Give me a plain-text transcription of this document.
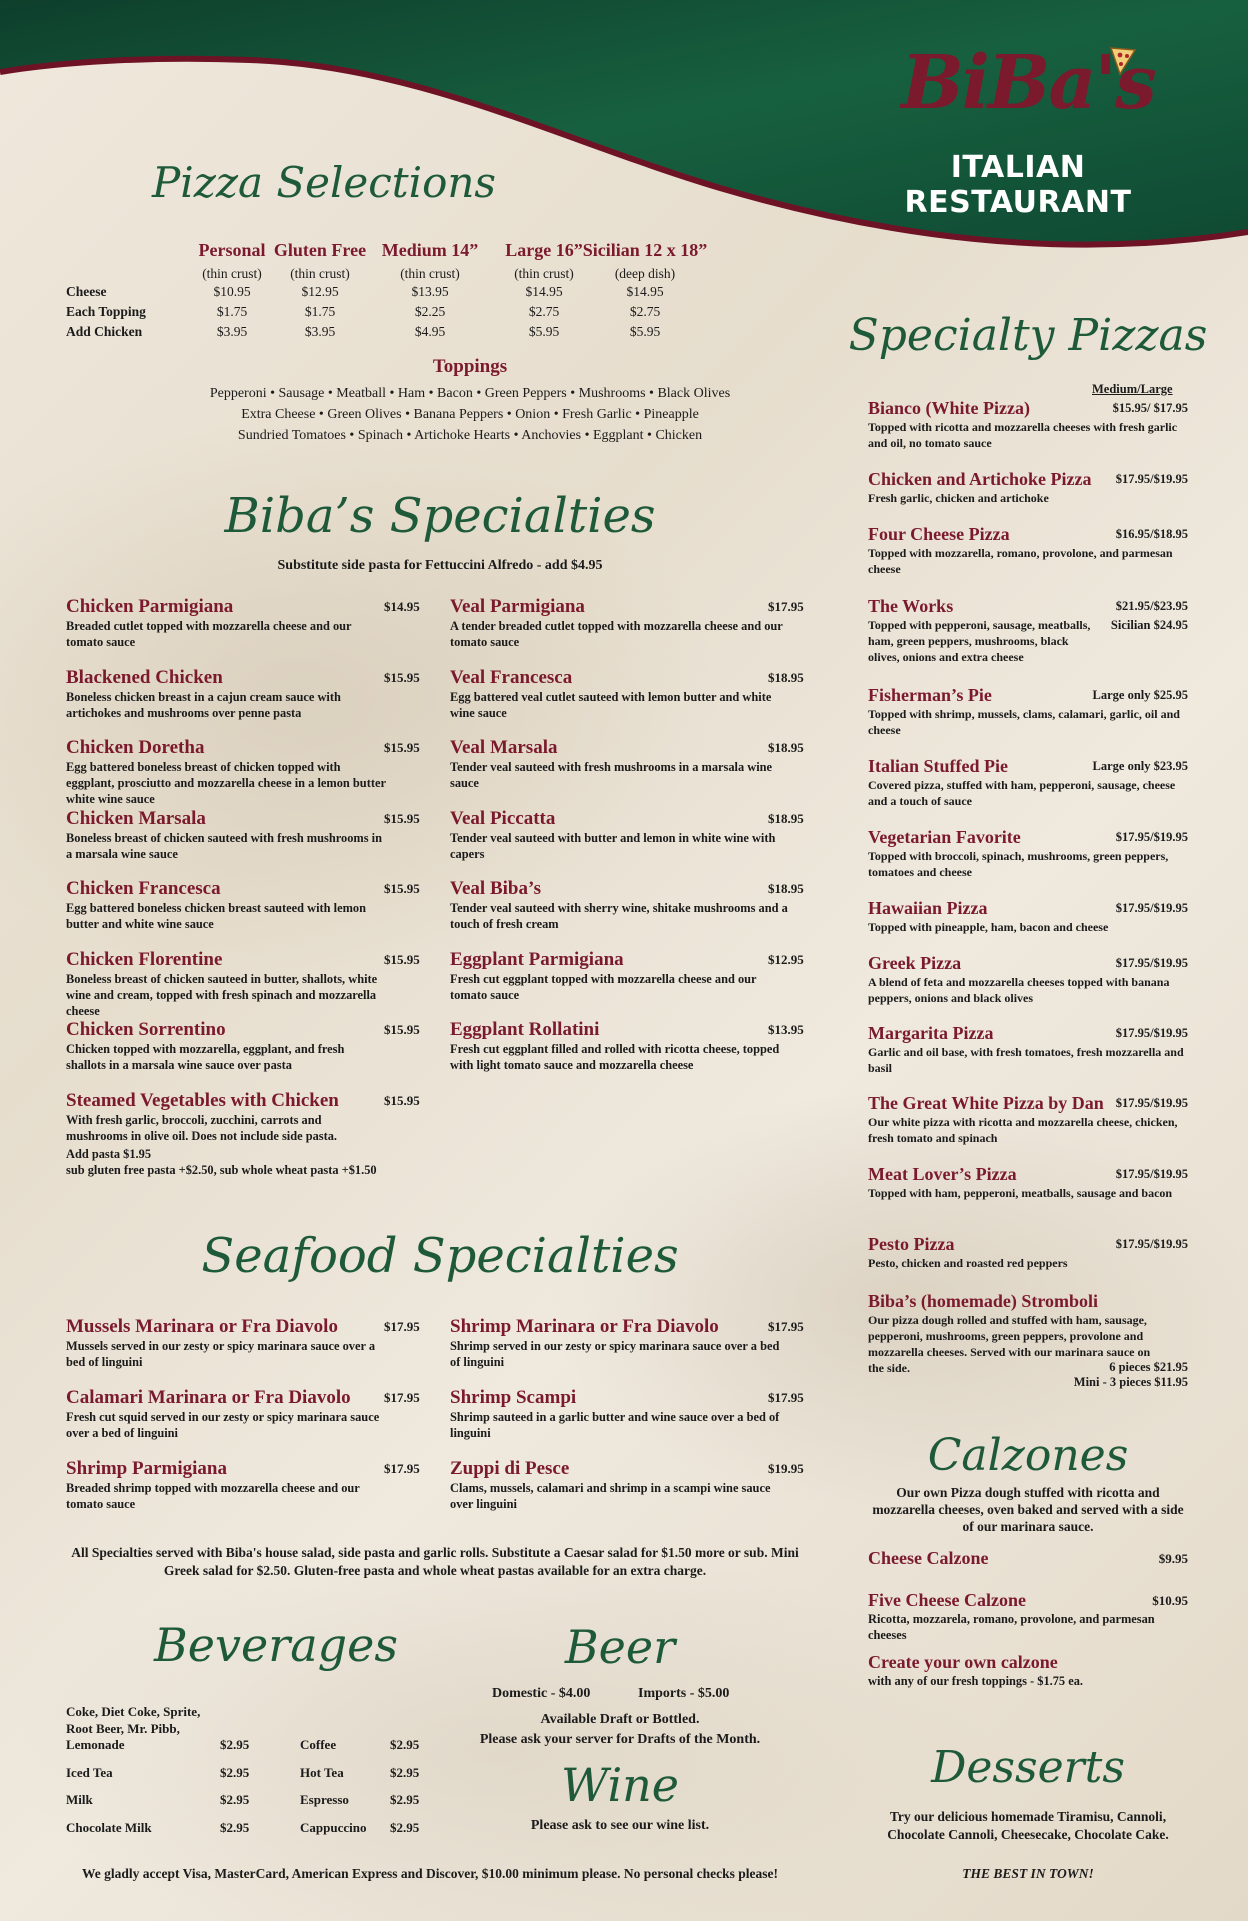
BiBa's
ITALIAN RESTAURANT
Pizza Selections
Personal
(thin crust)
Gluten Free
(thin crust)
Medium 14”
(thin crust)
Large 16”
(thin crust)
Sicilian 12 x 18”
(deep dish)
Cheese	$10.95	$12.95	$13.95	$14.95	$14.95
Each Topping	$1.75	$1.75	$2.25	$2.75	$2.75
Add Chicken	$3.95	$3.95	$4.95	$5.95	$5.95
Toppings
Pepperoni • Sausage • Meatball • Ham • Bacon • Green Peppers • Mushrooms • Black Olives
Extra Cheese • Green Olives • Banana Peppers • Onion • Fresh Garlic • Pineapple
Sundried Tomatoes • Spinach • Artichoke Hearts • Anchovies • Eggplant • Chicken
Biba’s Specialties
Substitute side pasta for Fettuccini Alfredo - add $4.95
Chicken Parmigiana	$14.95
Breaded cutlet topped with mozzarella cheese and our tomato sauce
Blackened Chicken	$15.95
Boneless chicken breast in a cajun cream sauce with artichokes and mushrooms over penne pasta
Chicken Doretha	$15.95
Egg battered boneless breast of chicken topped with eggplant, prosciutto and mozzarella cheese in a lemon butter white wine sauce
Chicken Marsala	$15.95
Boneless breast of chicken sauteed with fresh mushrooms in a marsala wine sauce
Chicken Francesca	$15.95
Egg battered boneless chicken breast sauteed with lemon butter and white wine sauce
Chicken Florentine	$15.95
Boneless breast of chicken sauteed in butter, shallots, white wine and cream, topped with fresh spinach and mozzarella cheese
Chicken Sorrentino	$15.95
Chicken topped with mozzarella, eggplant, and fresh shallots in a marsala wine sauce over pasta
Steamed Vegetables with Chicken	$15.95
With fresh garlic, broccoli, zucchini, carrots and mushrooms in olive oil. Does not include side pasta.
Add pasta $1.95
sub gluten free pasta +$2.50, sub whole wheat pasta +$1.50
Veal Parmigiana	$17.95
A tender breaded cutlet topped with mozzarella cheese and our tomato sauce
Veal Francesca	$18.95
Egg battered veal cutlet sauteed with lemon butter and white wine sauce
Veal Marsala	$18.95
Tender veal sauteed with fresh mushrooms in a marsala wine sauce
Veal Piccatta	$18.95
Tender veal sauteed with butter and lemon in white wine with capers
Veal Biba’s	$18.95
Tender veal sauteed with sherry wine, shitake mushrooms and a touch of fresh cream
Eggplant Parmigiana	$12.95
Fresh cut eggplant topped with mozzarella cheese and our tomato sauce
Eggplant Rollatini	$13.95
Fresh cut eggplant filled and rolled with ricotta cheese, topped with light tomato sauce and mozzarella cheese
Seafood Specialties
Mussels Marinara or Fra Diavolo	$17.95
Mussels served in our zesty or spicy marinara sauce over a bed of linguini
Calamari Marinara or Fra Diavolo	$17.95
Fresh cut squid served in our zesty or spicy marinara sauce over a bed of linguini
Shrimp Parmigiana	$17.95
Breaded shrimp topped with mozzarella cheese and our tomato sauce
Shrimp Marinara or Fra Diavolo	$17.95
Shrimp served in our zesty or spicy marinara sauce over a bed of linguini
Shrimp Scampi	$17.95
Shrimp sauteed in a garlic butter and wine sauce over a bed of linguini
Zuppi di Pesce	$19.95
Clams, mussels, calamari and shrimp in a scampi wine sauce over linguini
All Specialties served with Biba's house salad, side pasta and garlic rolls. Substitute a Caesar salad for $1.50 more or sub. Mini Greek salad for $2.50. Gluten-free pasta and whole wheat pastas available for an extra charge.
Beverages
Coke, Diet Coke, Sprite,
Root Beer, Mr. Pibb,
Lemonade	$2.95
Iced Tea	$2.95
Milk	$2.95
Chocolate Milk	$2.95
Coffee	$2.95
Hot Tea	$2.95
Espresso	$2.95
Cappuccino $2.95
Beer
Domestic - $4.00	Imports - $5.00
Available Draft or Bottled.
Please ask your server for Drafts of the Month.
Wine
Please ask to see our wine list.
We gladly accept Visa, MasterCard, American Express and Discover, $10.00 minimum please. No personal checks please!
Specialty Pizzas
Medium/Large
Bianco (White Pizza)	$15.95/ $17.95
Topped with ricotta and mozzarella cheeses with fresh garlic and oil, no tomato sauce
Chicken and Artichoke Pizza	$17.95/$19.95
Fresh garlic, chicken and artichoke
Four Cheese Pizza	$16.95/$18.95
Topped with mozzarella, romano, provolone, and parmesan cheese
The Works	$21.95/$23.95
Sicilian $24.95
Topped with pepperoni, sausage, meatballs, ham, green peppers, mushrooms, black olives, onions and extra cheese
Fisherman’s Pie	Large only $25.95
Topped with shrimp, mussels, clams, calamari, garlic, oil and cheese
Italian Stuffed Pie	Large only $23.95
Covered pizza, stuffed with ham, pepperoni, sausage, cheese and a touch of sauce
Vegetarian Favorite	$17.95/$19.95
Topped with broccoli, spinach, mushrooms, green peppers, tomatoes and cheese
Hawaiian Pizza	$17.95/$19.95
Topped with pineapple, ham, bacon and cheese
Greek Pizza	$17.95/$19.95
A blend of feta and mozzarella cheeses topped with banana peppers, onions and black olives
Margarita Pizza	$17.95/$19.95
Garlic and oil base, with fresh tomatoes, fresh mozzarella and basil
The Great White Pizza by Dan $17.95/$19.95
Our white pizza with ricotta and mozzarella cheese, chicken, fresh tomato and spinach
Meat Lover’s Pizza	$17.95/$19.95
Topped with ham, pepperoni, meatballs, sausage and bacon
Pesto Pizza	$17.95/$19.95
Pesto, chicken and roasted red peppers
Biba’s (homemade) Stromboli
Our pizza dough rolled and stuffed with ham, sausage, pepperoni, mushrooms, green peppers, provolone and mozzarella cheeses. Served with our marinara sauce on the side.	6 pieces $21.95
Mini - 3 pieces $11.95
Calzones
Our own Pizza dough stuffed with ricotta and mozzarella cheeses, oven baked and served with a side of our marinara sauce.
Cheese Calzone	$9.95
Five Cheese Calzone	$10.95
Ricotta, mozzarela, romano, provolone, and parmesan cheeses
Create your own calzone
with any of our fresh toppings - $1.75 ea.
Desserts
Try our delicious homemade Tiramisu, Cannoli, Chocolate Cannoli, Cheesecake, Chocolate Cake.
THE BEST IN TOWN!
